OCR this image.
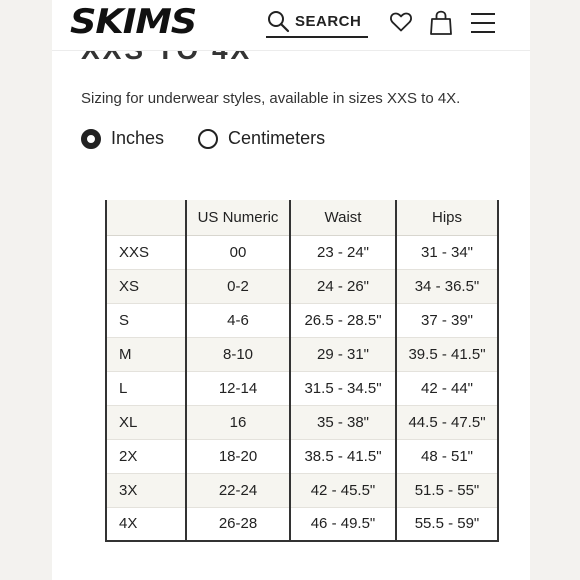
SKIMS	SEARCH
Sizing for underwear styles, available in sizes XXS to 4X.
Inches	Centimeters
	US Numeric	Waist	Hips
XXS	00	23 - 24"	31 - 34"
XS	0-2	24 - 26"	34 - 36.5"
S	4-6	26.5 - 28.5"	37 - 39"
M	8-10	29 - 31"	39.5 - 41.5"
L	12-14	31.5 - 34.5"	42 - 44"
XL	16	35 - 38"	44.5 - 47.5"
2X	18-20	38.5 - 41.5"	48 - 51"
3X	22-24	42 - 45.5"	51.5 - 55"
4X	26-28	46 - 49.5"	55.5 - 59"
